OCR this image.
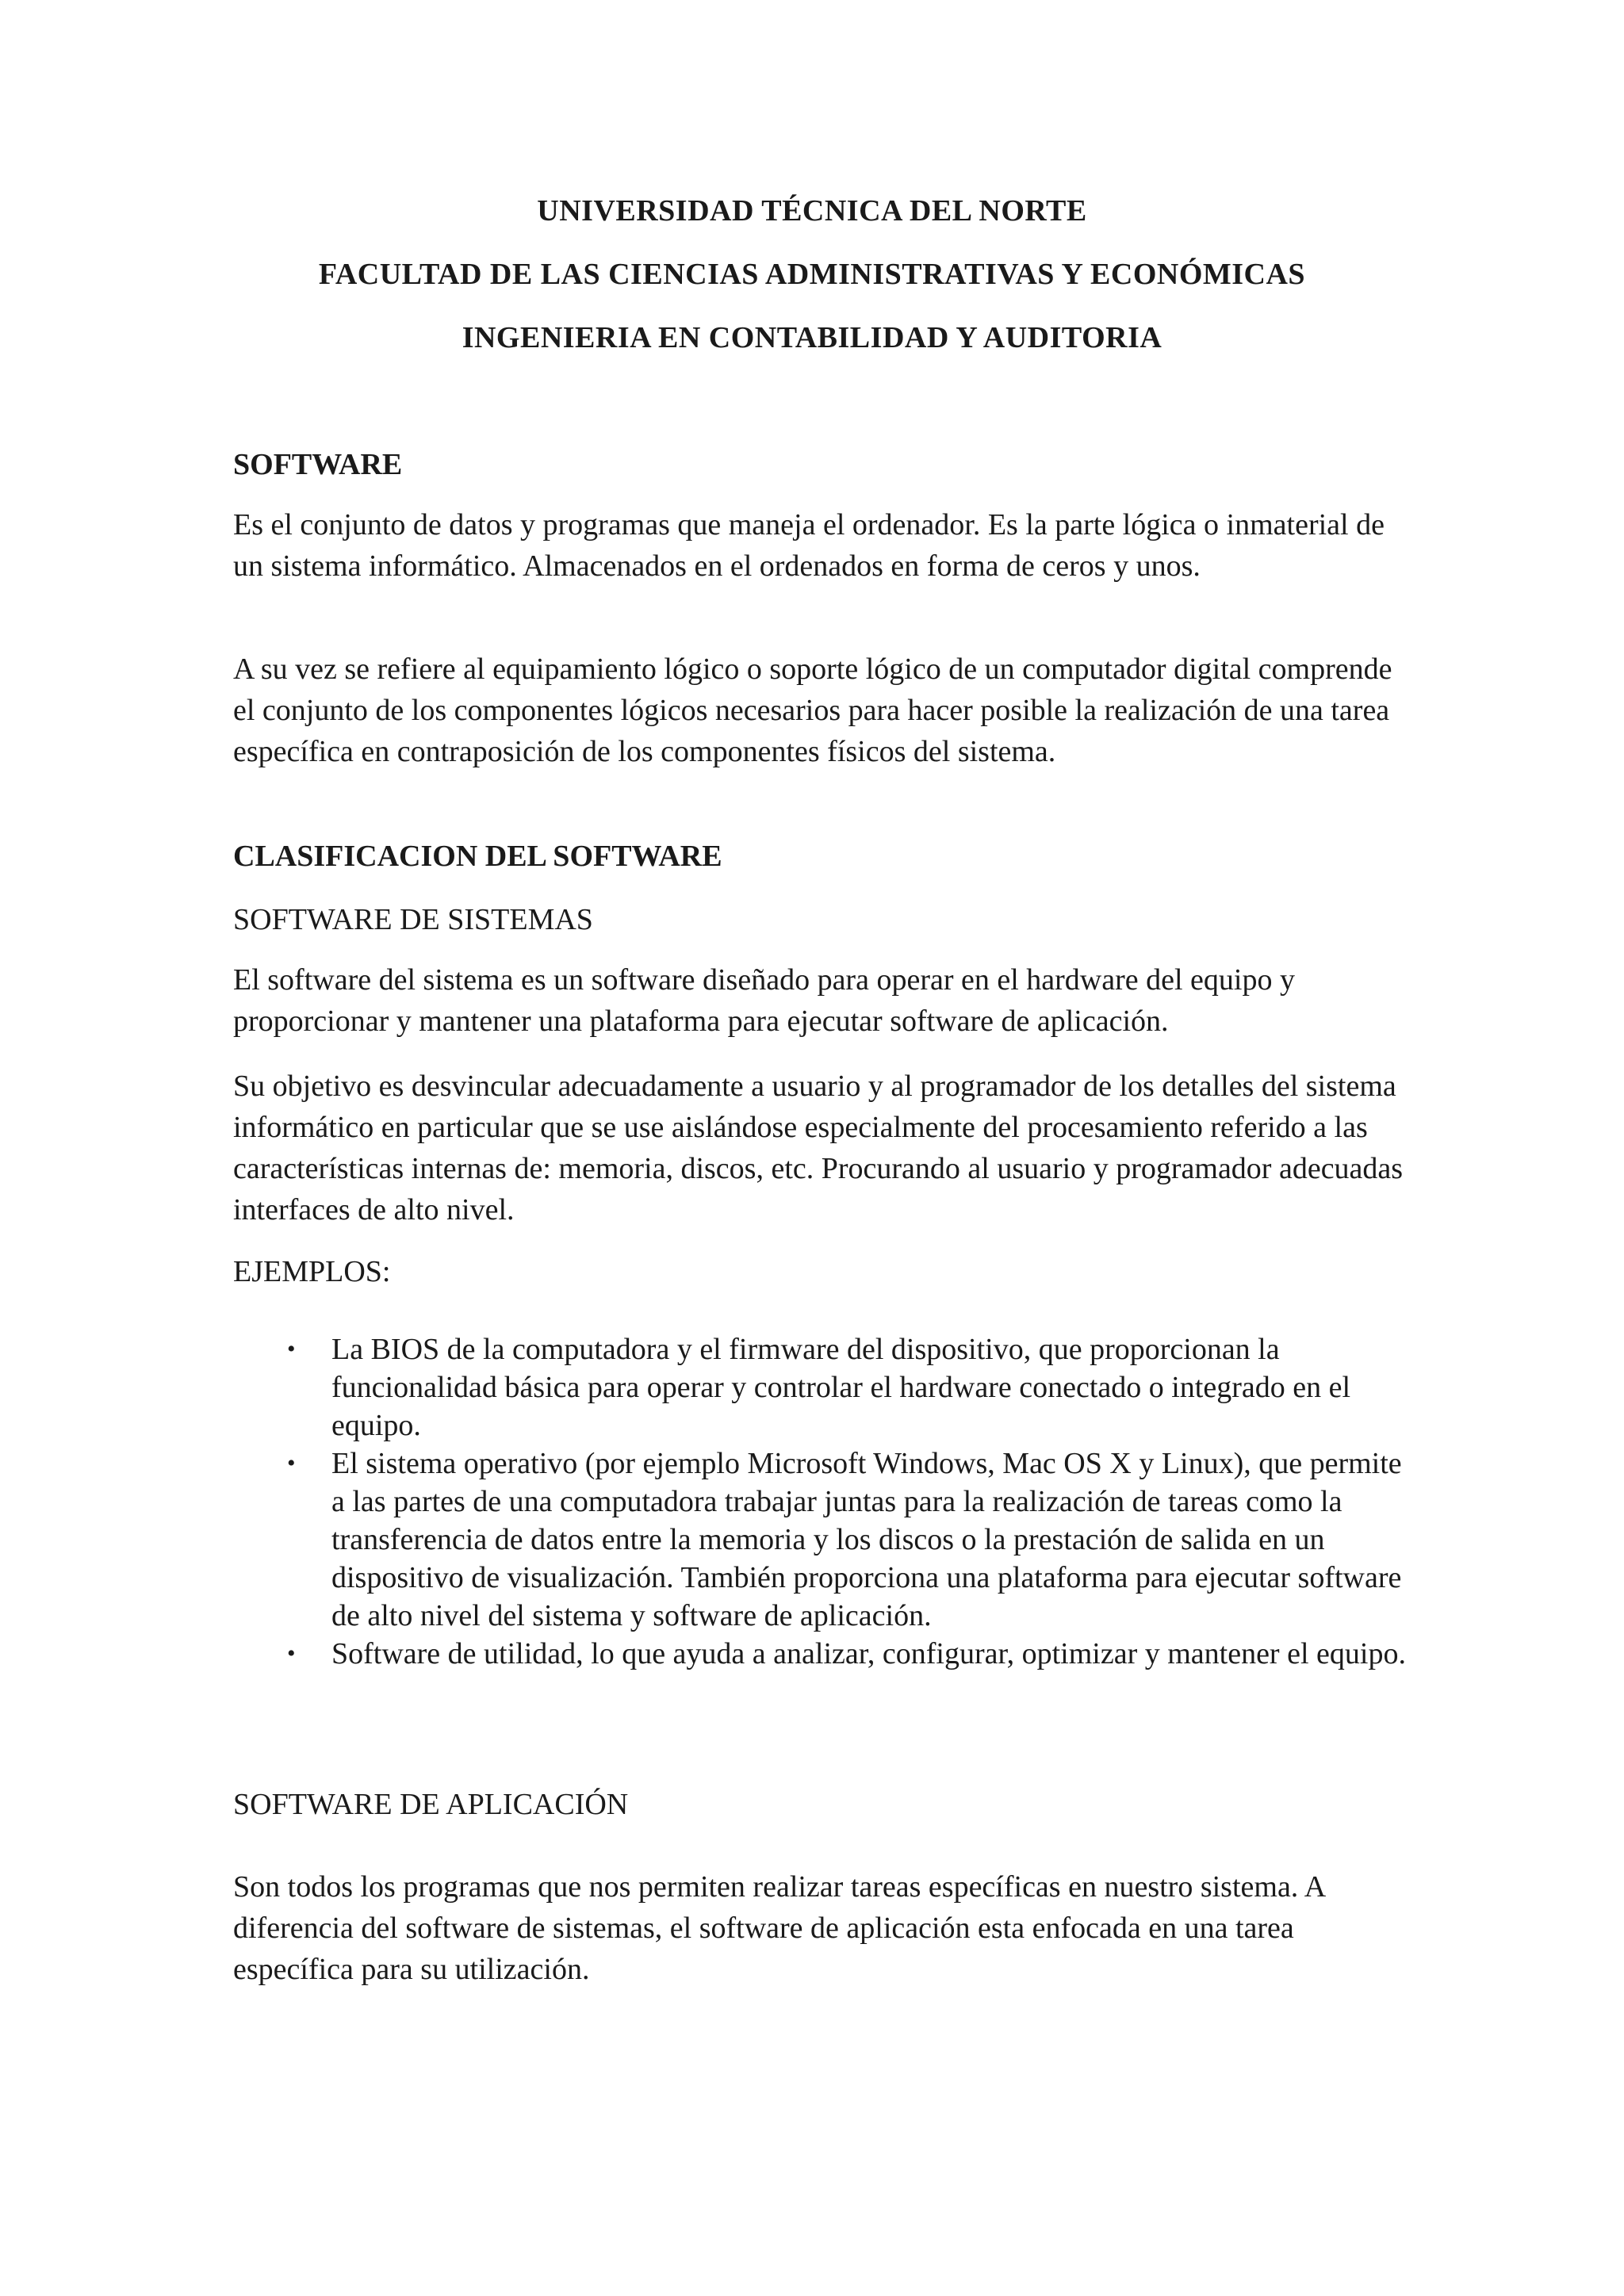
UNIVERSIDAD TÉCNICA DEL NORTE
FACULTAD DE LAS CIENCIAS ADMINISTRATIVAS Y ECONÓMICAS
INGENIERIA EN CONTABILIDAD Y AUDITORIA
SOFTWARE

Es el conjunto de datos y programas que maneja el ordenador. Es la parte lógica o inmaterial de un sistema informático. Almacenados en el ordenados en forma de ceros y unos.

A su vez se refiere al equipamiento lógico o soporte lógico de un computador digital comprende el conjunto de los componentes lógicos necesarios para hacer posible la realización de una tarea específica en contraposición de los componentes físicos del sistema.

CLASIFICACION DEL SOFTWARE
SOFTWARE DE SISTEMAS

El software del sistema es un software diseñado para operar en el hardware del equipo y proporcionar y mantener una plataforma para ejecutar software de aplicación.

Su objetivo es desvincular adecuadamente a usuario y al programador de los detalles del sistema informático en particular que se use aislándose especialmente del procesamiento referido a las características internas de: memoria, discos, etc. Procurando al usuario y programador adecuadas interfaces de alto nivel.

EJEMPLOS:

• La BIOS de la computadora y el firmware del dispositivo, que proporcionan la funcionalidad básica para operar y controlar el hardware conectado o integrado en el equipo.
• El sistema operativo (por ejemplo Microsoft Windows, Mac OS X y Linux), que permite a las partes de una computadora trabajar juntas para la realización de tareas como la transferencia de datos entre la memoria y los discos o la prestación de salida en un dispositivo de visualización. También proporciona una plataforma para ejecutar software de alto nivel del sistema y software de aplicación.
• Software de utilidad, lo que ayuda a analizar, configurar, optimizar y mantener el equipo.
SOFTWARE DE APLICACIÓN

Son todos los programas que nos permiten realizar tareas específicas en nuestro sistema. A diferencia del software de sistemas, el software de aplicación esta enfocada en una tarea específica para su utilización.
